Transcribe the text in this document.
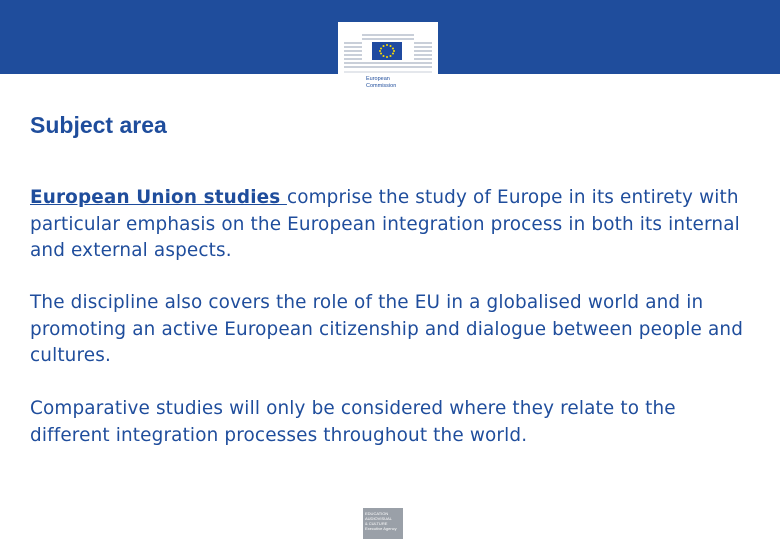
European
Commission
Subject area

European Union studies comprise the study of Europe in its entirety with particular emphasis on the European integration process in both its internal and external aspects.

The discipline also covers the role of the EU in a globalised world and in promoting an active European citizenship and dialogue between people and cultures.

Comparative studies will only be considered where they relate to the different integration processes throughout the world.

EDUCATION
AUDIOVISUAL
& CULTURE
Executive Agency
